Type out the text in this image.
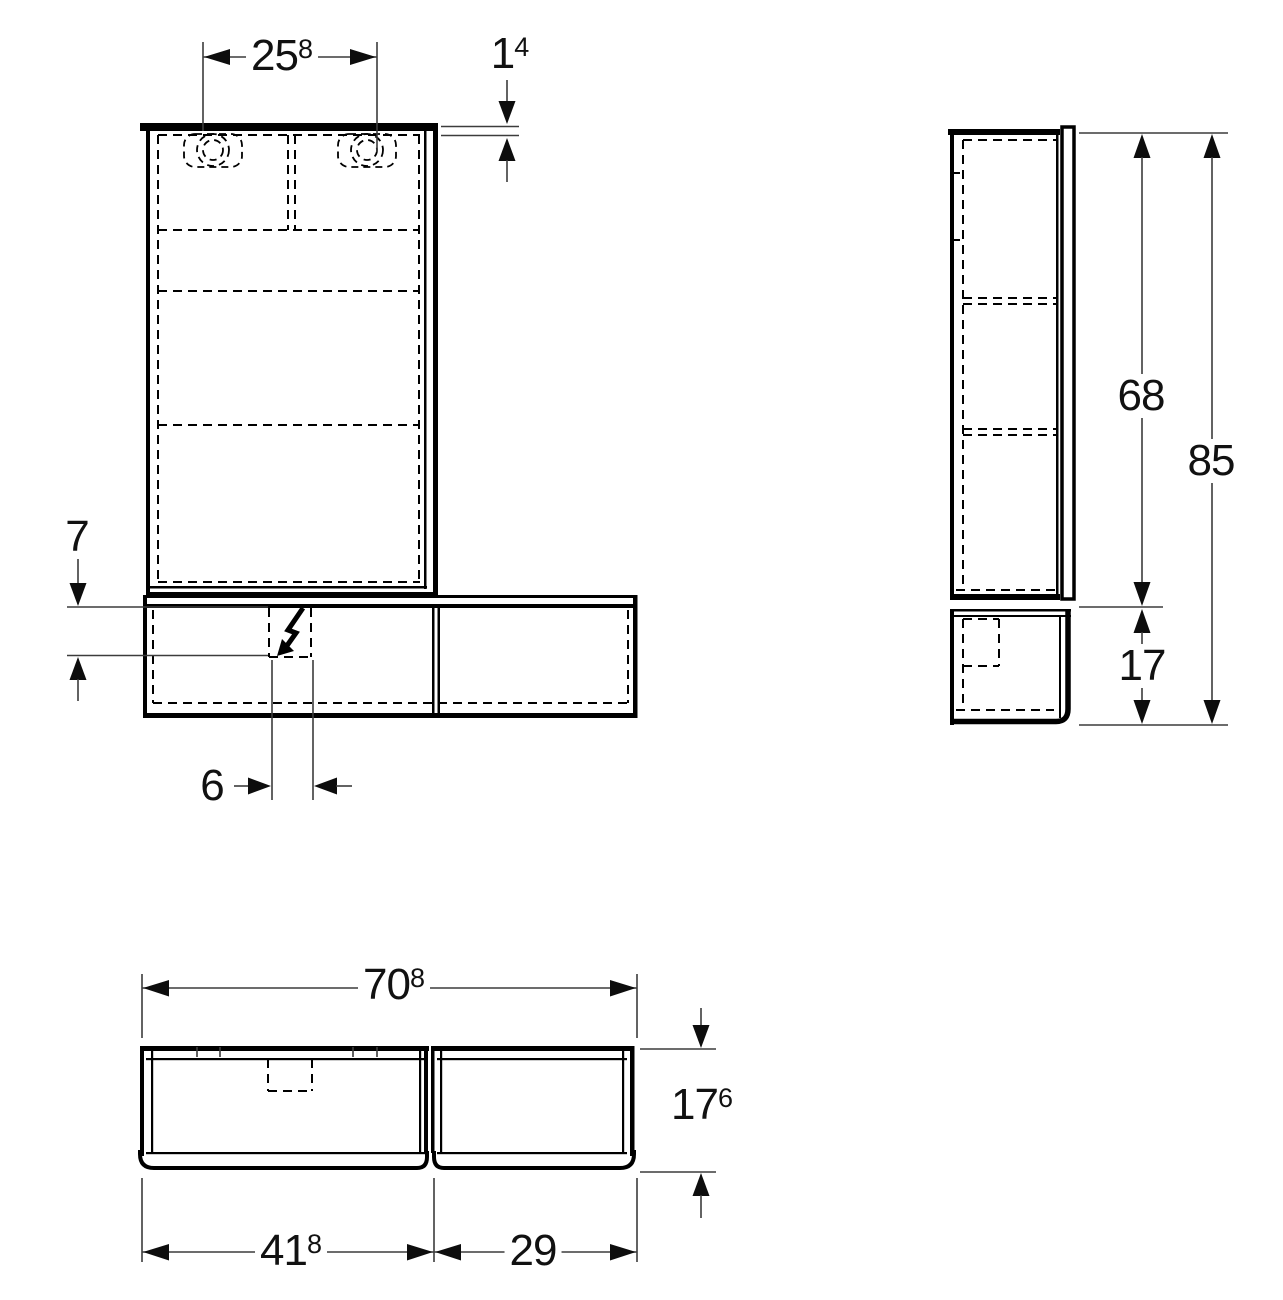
$25^8$	$1^4$
7
6
68
85
17
$70^8$
$17^6$
$41^8$	29
